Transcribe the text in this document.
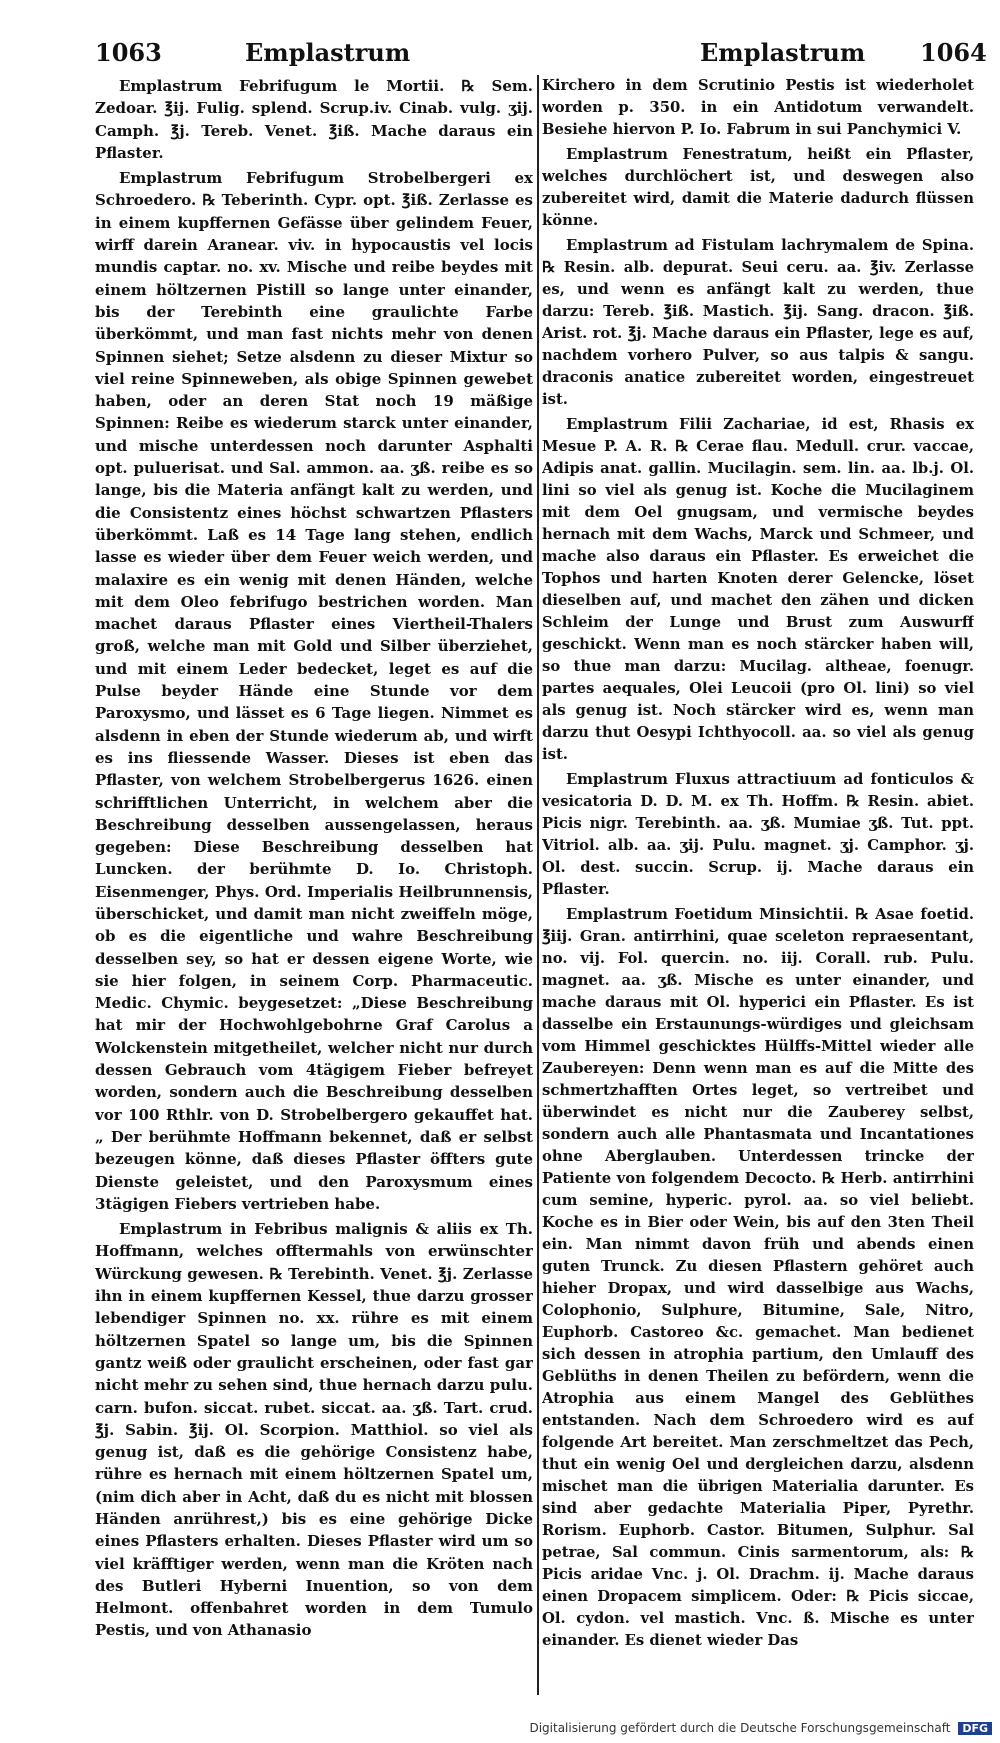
1063	Emplastrum	Emplastrum 1064

Emplastrum Febrifugum le Mortii. ℞ Sem. Zedoar. ℥ij. Fulig. splend. Scrup.iv. Cinab. vulg. ʒij. Camph. ℥j. Tereb. Venet. ℥iß. Mache daraus ein Pflaster.

Emplastrum Febrifugum Strobelbergeri ex Schroedero. ℞ Teberinth. Cypr. opt. ℥iß. Zerlasse es in einem kupffernen Gefässe über gelindem Feuer, wirff darein Aranear. viv. in hypocaustis vel locis mundis captar. no. xv. Mische und reibe beydes mit einem höltzernen Pistill so lange unter einander, bis der Terebinth eine graulichte Farbe überkömmt, und man fast nichts mehr von denen Spinnen siehet; Setze alsdenn zu dieser Mixtur so viel reine Spinneweben, als obige Spinnen gewebet haben, oder an deren Stat noch 19 mäßige Spinnen: Reibe es wiederum starck unter einander, und mische unterdessen noch darunter Asphalti opt. puluerisat. und Sal. ammon. aa. ʒß. reibe es so lange, bis die Materia anfängt kalt zu werden, und die Consistentz eines höchst schwartzen Pflasters überkömmt. Laß es 14 Tage lang stehen, endlich lasse es wieder über dem Feuer weich werden, und malaxire es ein wenig mit denen Händen, welche mit dem Oleo febrifugo bestrichen worden. Man machet daraus Pflaster eines Viertheil-Thalers groß, welche man mit Gold und Silber überziehet, und mit einem Leder bedecket, leget es auf die Pulse beyder Hände eine Stunde vor dem Paroxysmo, und lässet es 6 Tage liegen. Nimmet es alsdenn in eben der Stunde wiederum ab, und wirft es ins fliessende Wasser. Dieses ist eben das Pflaster, von welchem Strobelbergerus 1626. einen schrifftlichen Unterricht, in welchem aber die Beschreibung desselben aussengelassen, heraus gegeben: Diese Beschreibung desselben hat Luncken. der berühmte D. Io. Christoph. Eisenmenger, Phys. Ord. Imperialis Heilbrunnensis, überschicket, und damit man nicht zweiffeln möge, ob es die eigentliche und wahre Beschreibung desselben sey, so hat er dessen eigene Worte, wie sie hier folgen, in seinem Corp. Pharmaceutic. Medic. Chymic. beygesetzet: „Diese Beschreibung hat mir der Hochwohlgebohrne Graf Carolus a Wolckenstein mitgetheilet, welcher nicht nur durch dessen Gebrauch vom 4tägigem Fieber befreyet worden, sondern auch die Beschreibung desselben vor 100 Rthlr. von D. Strobelbergero gekauffet hat.„ Der berühmte Hoffmann bekennet, daß er selbst bezeugen könne, daß dieses Pflaster öffters gute Dienste geleistet, und den Paroxysmum eines 3tägigen Fiebers vertrieben habe.

Emplastrum in Febribus malignis & aliis ex Th. Hoffmann, welches offtermahls von erwünschter Würckung gewesen. ℞ Terebinth. Venet. ℥j. Zerlasse ihn in einem kupffernen Kessel, thue darzu grosser lebendiger Spinnen no. xx. rühre es mit einem höltzernen Spatel so lange um, bis die Spinnen gantz weiß oder graulicht erscheinen, oder fast gar nicht mehr zu sehen sind, thue hernach darzu pulu. carn. bufon. siccat. rubet. siccat. aa. ʒß. Tart. crud. ℥j. Sabin. ℥ij. Ol. Scorpion. Matthiol. so viel als genug ist, daß es die gehörige Consistenz habe, rühre es hernach mit einem höltzernen Spatel um, (nim dich aber in Acht, daß du es nicht mit blossen Händen anrührest,) bis es eine gehörige Dicke eines Pflasters erhalten. Dieses Pflaster wird um so viel kräfftiger werden, wenn man die Kröten nach des Butleri Hyberni Inuention, so von dem Helmont. offenbahret worden in dem Tumulo Pestis, und von Athanasio

Kirchero in dem Scrutinio Pestis ist wiederholet worden p. 350. in ein Antidotum verwandelt. Besiehe hiervon P. Io. Fabrum in sui Panchymici V.

Emplastrum Fenestratum, heißt ein Pflaster, welches durchlöchert ist, und deswegen also zubereitet wird, damit die Materie dadurch flüssen könne.

Emplastrum ad Fistulam lachrymalem de Spina. ℞ Resin. alb. depurat. Seui ceru. aa. ℥iv. Zerlasse es, und wenn es anfängt kalt zu werden, thue darzu: Tereb. ℥iß. Mastich. ℥ij. Sang. dracon. ℥iß. Arist. rot. ℥j. Mache daraus ein Pflaster, lege es auf, nachdem vorhero Pulver, so aus talpis & sangu. draconis anatice zubereitet worden, eingestreuet ist.

Emplastrum Filii Zachariae, id est, Rhasis ex Mesue P. A. R. ℞ Cerae flau. Medull. crur. vaccae, Adipis anat. gallin. Mucilagin. sem. lin. aa. lb.j. Ol. lini so viel als genug ist. Koche die Mucilaginem mit dem Oel gnugsam, und vermische beydes hernach mit dem Wachs, Marck und Schmeer, und mache also daraus ein Pflaster. Es erweichet die Tophos und harten Knoten derer Gelencke, löset dieselben auf, und machet den zähen und dicken Schleim der Lunge und Brust zum Auswurff geschickt. Wenn man es noch stärcker haben will, so thue man darzu: Mucilag. altheae, foenugr. partes aequales, Olei Leucoii (pro Ol. lini) so viel als genug ist. Noch stärcker wird es, wenn man darzu thut Oesypi Ichthyocoll. aa. so viel als genug ist.

Emplastrum Fluxus attractiuum ad fonticulos & vesicatoria D. D. M. ex Th. Hoffm. ℞ Resin. abiet. Picis nigr. Terebinth. aa. ʒß. Mumiae ʒß. Tut. ppt. Vitriol. alb. aa. ʒij. Pulu. magnet. ʒj. Camphor. ʒj. Ol. dest. succin. Scrup. ij. Mache daraus ein Pflaster.

Emplastrum Foetidum Minsichtii. ℞ Asae foetid. ℥iij. Gran. antirrhini, quae sceleton repraesentant, no. vij. Fol. quercin. no. iij. Corall. rub. Pulu. magnet. aa. ʒß. Mische es unter einander, und mache daraus mit Ol. hyperici ein Pflaster. Es ist dasselbe ein Erstaunungs-würdiges und gleichsam vom Himmel geschicktes Hülffs-Mittel wieder alle Zaubereyen: Denn wenn man es auf die Mitte des schmertzhafften Ortes leget, so vertreibet und überwindet es nicht nur die Zauberey selbst, sondern auch alle Phantasmata und Incantationes ohne Aberglauben. Unterdessen trincke der Patiente von folgendem Decocto. ℞ Herb. antirrhini cum semine, hyperic. pyrol. aa. so viel beliebt. Koche es in Bier oder Wein, bis auf den 3ten Theil ein. Man nimmt davon früh und abends einen guten Trunck. Zu diesen Pflastern gehöret auch hieher Dropax, und wird dasselbige aus Wachs, Colophonio, Sulphure, Bitumine, Sale, Nitro, Euphorb. Castoreo &c. gemachet. Man bedienet sich dessen in atrophia partium, den Umlauff des Geblüths in denen Theilen zu befördern, wenn die Atrophia aus einem Mangel des Geblüthes entstanden. Nach dem Schroedero wird es auf folgende Art bereitet. Man zerschmeltzet das Pech, thut ein wenig Oel und dergleichen darzu, alsdenn mischet man die übrigen Materialia darunter. Es sind aber gedachte Materialia Piper, Pyrethr. Rorism. Euphorb. Castor. Bitumen, Sulphur. Sal petrae, Sal commun. Cinis sarmentorum, als: ℞ Picis aridae Vnc. j. Ol. Drachm. ij. Mache daraus einen Dropacem simplicem. Oder: ℞ Picis siccae, Ol. cydon. vel mastich. Vnc. ß. Mische es unter einander. Es dienet wieder Das

Digitalisierung gefördert durch die Deutsche Forschungsgemeinschaft DFG
